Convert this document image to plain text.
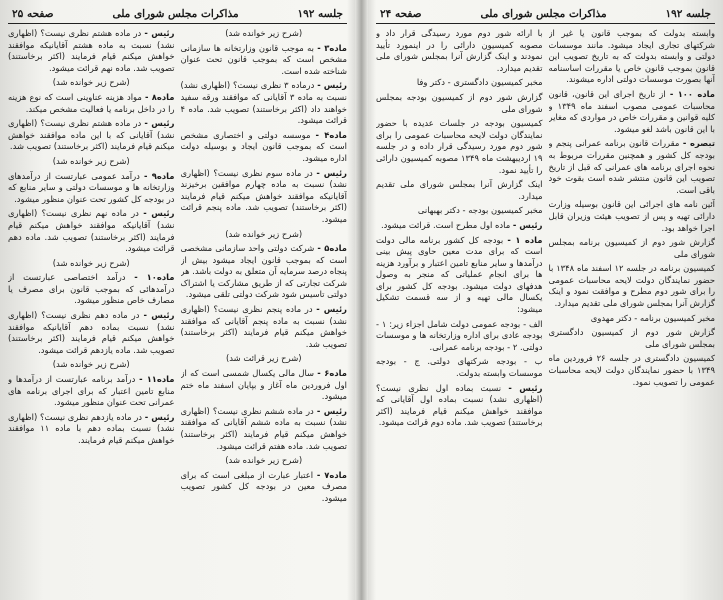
جلسه ۱۹۲
مذاکرات مجلس شورای ملی
صفحه ۲۵

(شرح زیر خوانده شد)

ماده۳ - به موجب قانون وزارتخانه ها سازمانی مشخص است که بموجب قانون تحت عنوان شناخته شده است.

رئیس - درماده ۳ نظری نیست؟ (اظهاری نشد) نسبت به ماده ۳ آقایانی که موافقند ورقه سفید خواهند داد (اکثر برخاستند) تصویب شد. ماده ۴ قرائت میشود.

ماده۴ - موسسه دولتی و اختصاری مشخص است که بموجب قانون ایجاد و بوسیله دولت اداره میشود.

رئیس - در ماده سوم نظری نیست؟ (اظهاری نشد) نسبت به ماده چهارم موافقین برخیزند آقایانیکه موافقند خواهش میکنم قیام فرمایند (اکثر برخاستند) تصویب شد. ماده پنجم قرائت میشود.

(شرح زیر خوانده شد)

ماده۵ - شرکت دولتی واحد سازمانی مشخصی است که بموجب قانون ایجاد میشود بیش از پنجاه درصد سرمایه آن متعلق به دولت باشد. هر شرکت تجارتی که از طریق مشارکت یا اشتراک دولتی تاسیس شود شرکت دولتی تلقی میشود.

رئیس - در ماده پنجم نظری نیست؟ (اظهاری نشد) نسبت به ماده پنجم آقایانی که موافقند خواهش میکنم قیام فرمایند (اکثر برخاستند) تصویب شد.

(شرح زیر قرائت شد)

ماده۶ - سال مالی یکسال شمسی است که از اول فروردین ماه آغاز و بپایان اسفند ماه ختم میشود.

رئیس - در ماده ششم نظری نیست؟ (اظهاری نشد) نسبت به ماده ششم آقایانی که موافقند خواهش میکنم قیام فرمایند (اکثر برخاستند) تصویب شد. ماده هفتم قرائت میشود.

(شرح زیر خوانده شد)

ماده۷ - اعتبار عبارت از مبلغی است که برای مصرف معین در بودجه کل کشور تصویب میشود.

رئیس - در ماده هشتم نظری نیست؟ (اظهاری نشد) نسبت به ماده هشتم آقایانیکه موافقند خواهش میکنم قیام فرمایند (اکثر برخاستند) تصویب شد. ماده نهم قرائت میشود.

(شرح زیر خوانده شد)

ماده۸ - مواد هزینه عناوینی است که نوع هزینه را در داخل برنامه یا فعالیت مشخص میکند.

رئیس - در ماده هشتم نظری نیست؟ (اظهاری نشد) آقایانی که با این ماده موافقند خواهش میکنم قیام فرمایند (اکثر برخاستند) تصویب شد.

(شرح زیر خوانده شد)

ماده۹ - درآمد عمومی عبارتست از درآمدهای وزارتخانه ها و موسسات دولتی و سایر منابع که در بودجه کل کشور تحت عنوان منظور میشود.

رئیس - در ماده نهم نظری نیست؟ (اظهاری نشد) آقایانیکه موافقند خواهش میکنم قیام فرمایند (اکثر برخاستند) تصویب شد. ماده دهم قرائت میشود.

(شرح زیر خوانده شد)

ماده۱۰ - درآمد اختصاصی عبارتست از درآمدهائی که بموجب قانون برای مصرف یا مصارف خاص منظور میشود.

رئیس - در ماده دهم نظری نیست؟ (اظهاری نشد) نسبت بماده دهم آقایانیکه موافقند خواهش میکنم قیام فرمایند (اکثر برخاستند) تصویب شد. ماده یازدهم قرائت میشود.

(شرح زیر خوانده شد)

ماده۱۱ - درآمد برنامه عبارتست از درآمدها و منابع تامین اعتبار که برای اجرای برنامه های عمرانی تحت عنوان منظور میشود.

رئیس - در ماده یازدهم نظری نیست؟ (اظهاری نشد) نسبت بماده دهم با ماده ۱۱ موافقند خواهش میکنم قیام فرمایند.

جلسه ۱۹۲
مذاکرات مجلس شورای ملی
صفحه ۲۴

وابسته بدولت که بموجب قانون یا غیر از شرکتهای تجاری ایجاد میشود. مانند موسسات دولتی و وابسته بدولت که به تاریخ تصویب این قانون بموجب قانون خاص یا مقررات اساسنامه آنها بصورت موسسات دولتی اداره میشوند.

ماده ۱۰۰ - از تاریخ اجرای این قانون، قانون محاسبات عمومی مصوب اسفند ماه ۱۳۴۹ و کلیه قوانین و مقررات خاص در مواردی که مغایر با این قانون باشد لغو میشود.

تبصره - مقررات قانون برنامه عمرانی پنجم و بودجه کل کشور و همچنین مقررات مربوط به نحوه اجرای برنامه های عمرانی که قبل از تاریخ تصویب این قانون منتشر شده است بقوت خود باقی است.

آئین نامه های اجرائی این قانون بوسیله وزارت دارائی تهیه و پس از تصویب هیئت وزیران قابل اجرا خواهد بود.

گزارش شور دوم از کمیسیون برنامه بمجلس شورای ملی

کمیسیون برنامه در جلسه ۱۲ اسفند ماه ۱۳۴۸ با حضور نمایندگان دولت لایحه محاسبات عمومی را برای شور دوم مطرح و موافقت نمود و اینک گزارش آنرا بمجلس شورای ملی تقدیم میدارد.

مخبر کمیسیون برنامه - دکتر مهدوی

گزارش شور دوم از کمیسیون دادگستری بمجلس شورای ملی

کمیسیون دادگستری در جلسه ۲۶ فروردین ماه ۱۳۴۹ با حضور نمایندگان دولت لایحه محاسبات عمومی را تصویب نمود.

با ارائه شور دوم مورد رسیدگی قرار داد و مصوبه کمیسیون دارائی را در اینمورد تأیید نمودند و اینک گزارش آنرا بمجلس شورای ملی تقدیم میدارد.

مخبر کمیسیون دادگستری - دکتر وفا

گزارش شور دوم از کمیسیون بودجه بمجلس شورای ملی

کمیسیون بودجه در جلسات عدیده با حضور نمایندگان دولت لایحه محاسبات عمومی را برای شور دوم مورد رسیدگی قرار داده و در جلسه ۱۹ اردیبهشت ماه ۱۳۴۹ مصوبه کمیسیون دارائی را تأیید نمود.

اینک گزارش آنرا بمجلس شورای ملی تقدیم میدارد.

مخبر کمیسیون بودجه - دکتر بهبهانی

رئیس - ماده اول مطرح است. قرائت میشود.

ماده ۱ - بودجه کل کشور برنامه مالی دولت است که برای مدت معین حاوی پیش بینی درآمدها و سایر منابع تامین اعتبار و برآورد هزینه ها برای انجام عملیاتی که منجر به وصول هدفهای دولت میشود. بودجه کل کشور برای یکسال مالی تهیه و از سه قسمت تشکیل میشود:

الف - بودجه عمومی دولت شامل اجزاء زیر: ۱ - بودجه عادی برای اداره وزارتخانه ها و موسسات دولتی. ۲ - بودجه برنامه عمرانی.

ب - بودجه شرکتهای دولتی. ج - بودجه موسسات وابسته بدولت.

رئیس - نسبت بماده اول نظری نیست؟ (اظهاری نشد) نسبت بماده اول آقایانی که موافقند خواهش میکنم قیام فرمایند (اکثر برخاستند) تصویب شد. ماده دوم قرائت میشود.
